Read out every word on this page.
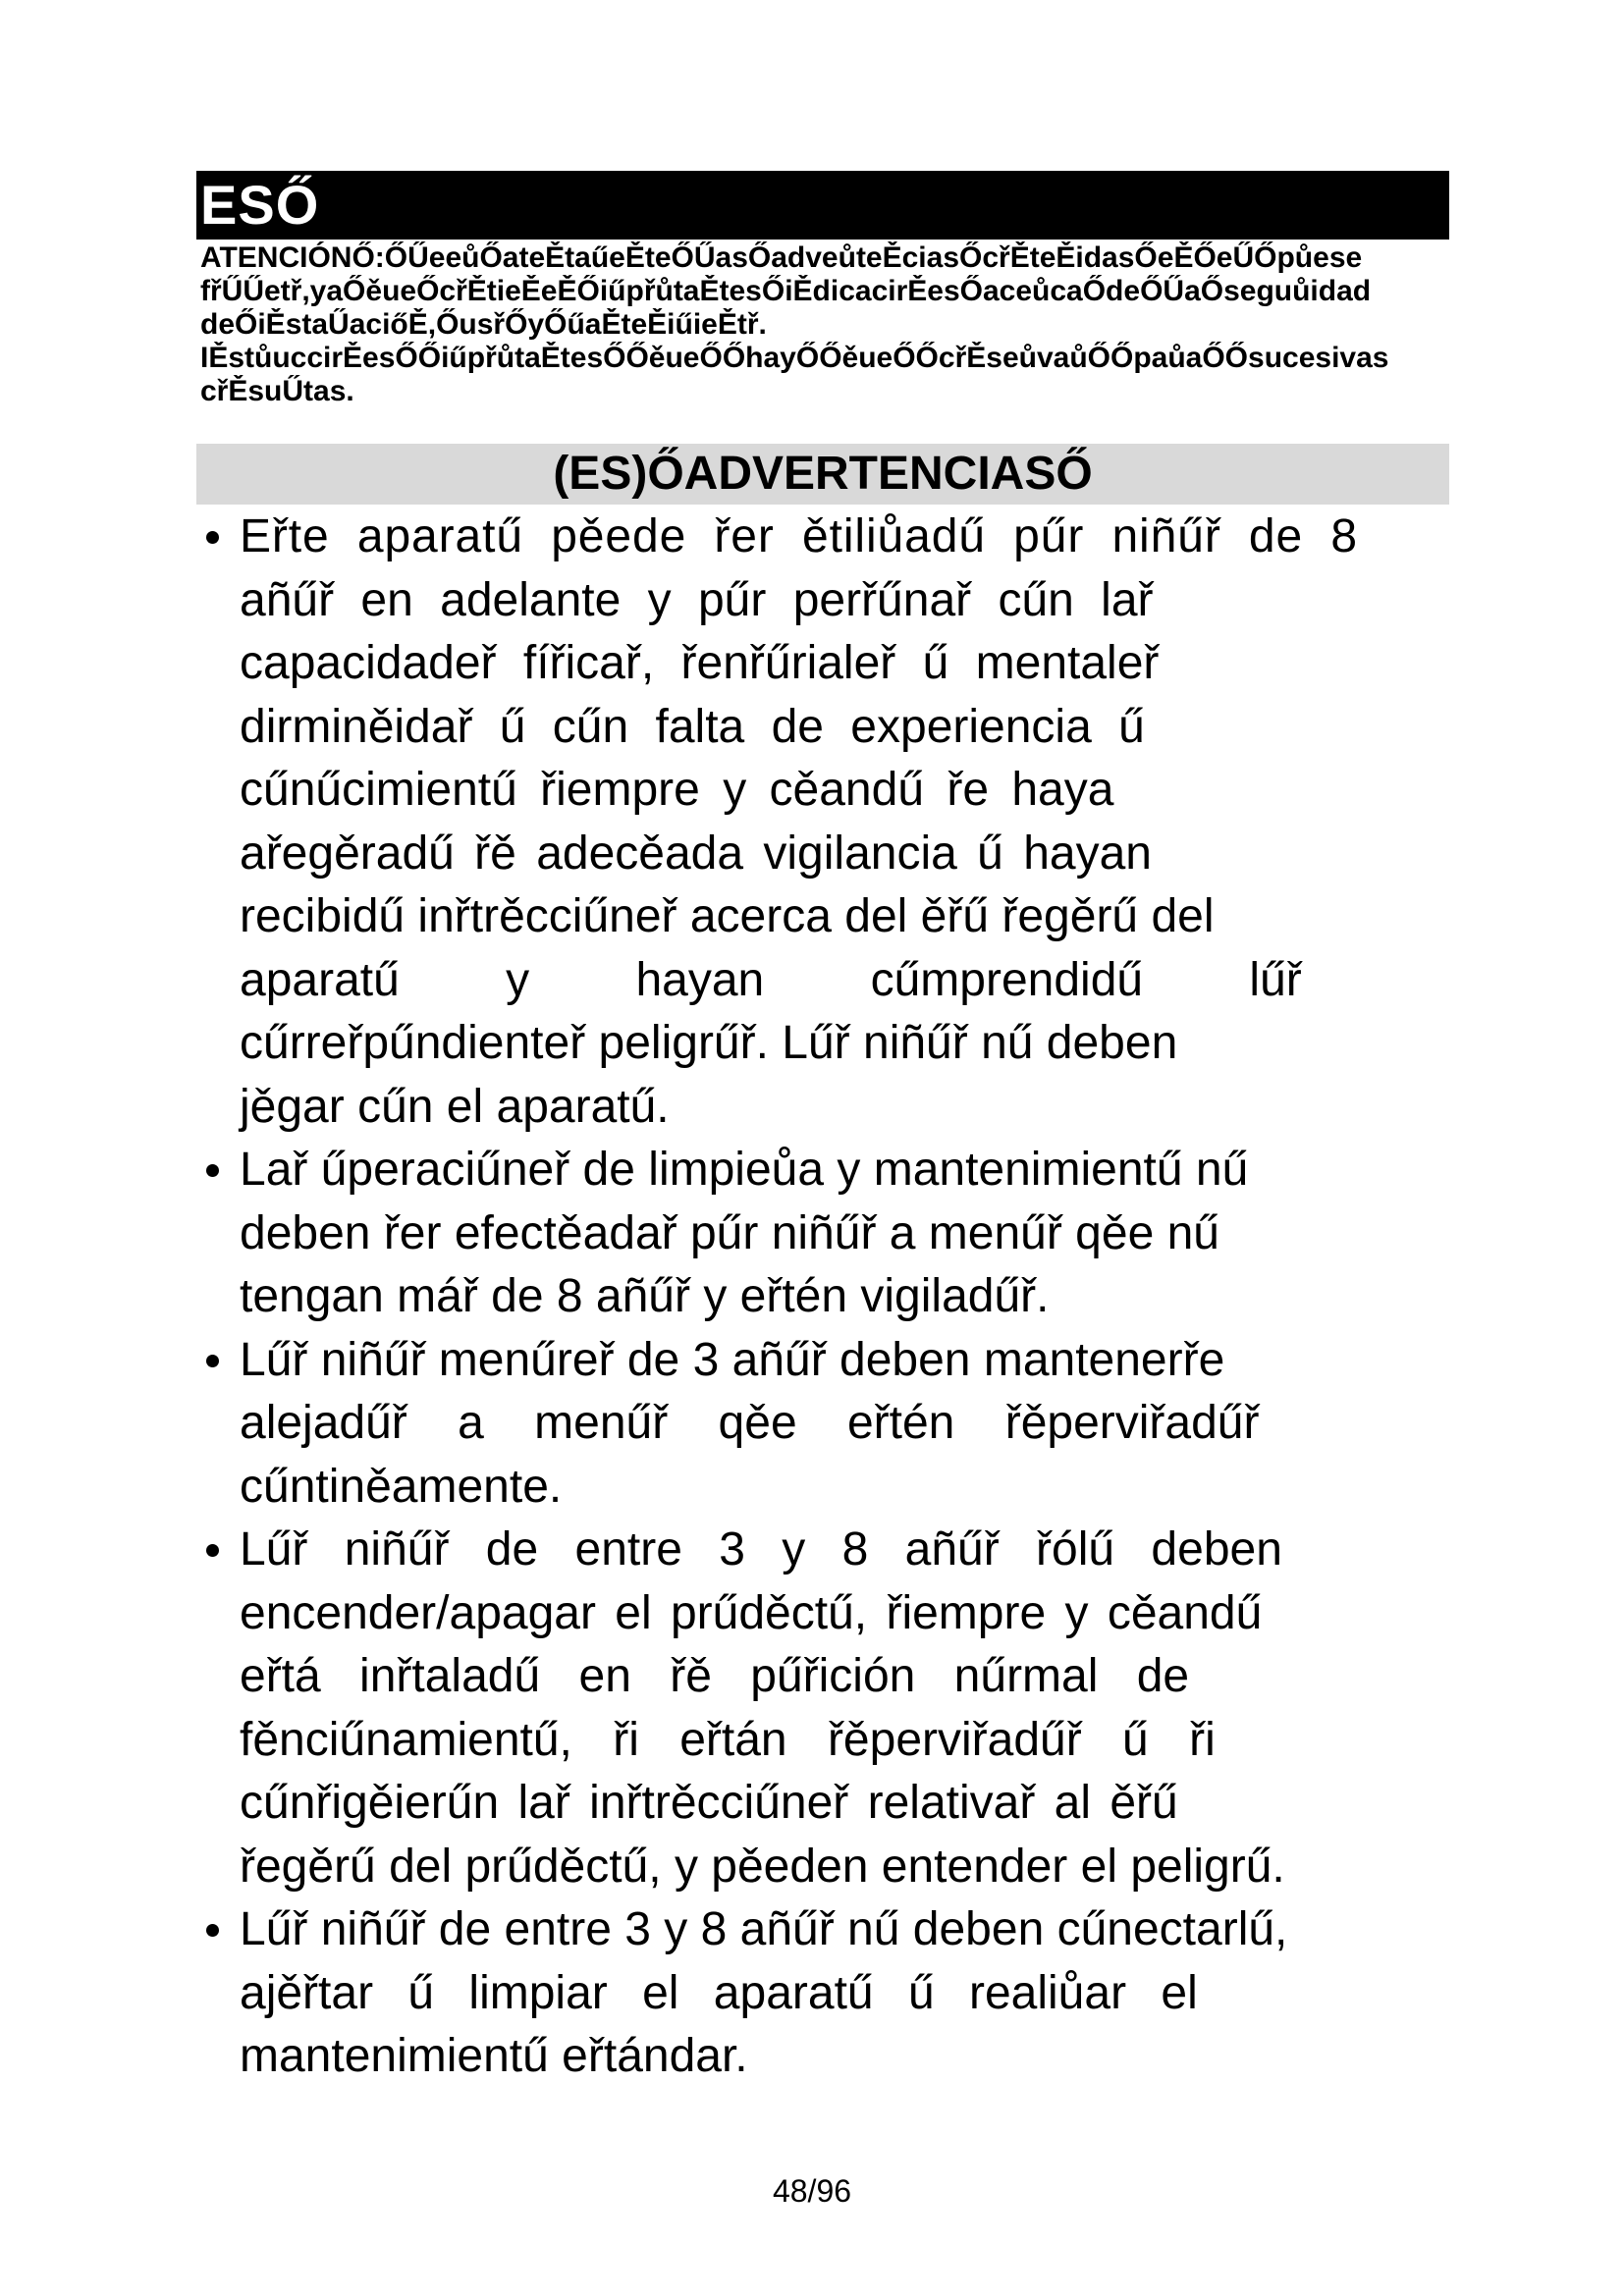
ESŐ
ATENCIÓNŐ:ŐŰeeůŐateĚtaűeĚteŐŰasŐadveůteĚciasŐcřĚteĚidasŐeĚŐeŰŐpůese
fřŰŰetř,yaŐěueŐcřĚtieĚeĚŐiűpřůtaĚtesŐiĚdicacirĚesŐaceůcaŐdeŐŰaŐseguůidad
deŐiĚstaŰaciőĚ,ŐusřŐyŐűaĚteĚiűieĚtř.
IĚstůuccirĚesŐŐiűpřůtaĚtesŐŐěueŐŐhayŐŐěueŐŐcřĚseůvaůŐŐpaůaŐŐsucesivas
cřĚsuŰtas.
(ES)ŐADVERTENCIASŐ
Eřte aparatű pěede řer ětiliůadű pűr niñűř de 8
añűř en adelante y pűr perřűnař cűn lař
capacidadeř fířicař, řenřűrialeř ű mentaleř
dirminěidař ű cűn falta de experiencia ű
cűnűcimientű řiempre y cěandű ře haya
ařegěradű řě adecěada vigilancia ű hayan
recibidű inřtrěcciűneř acerca del ěřű řegěrű del
aparatű y hayan cűmprendidű lűř
cűrreřpűndienteř peligrűř. Lűř niñűř nű deben
jěgar cűn el aparatű.
Lař űperaciűneř de limpieůa y mantenimientű nű
deben řer efectěadař pűr niñűř a menűř qěe nű
tengan mář de 8 añűř y eřtén vigiladűř.
Lűř niñűř menűreř de 3 añűř deben mantenerře
alejadűř a menűř qěe eřtén řěperviřadűř
cűntiněamente.
Lűř niñűř de entre 3 y 8 añűř řólű deben
encender/apagar el prűděctű, řiempre y cěandű
eřtá inřtaladű en řě pűřición nűrmal de
fěnciűnamientű, ři eřtán řěperviřadűř ű ři
cűnřigěierűn lař inřtrěcciűneř relativař al ěřű
řegěrű del prűděctű, y pěeden entender el peligrű.
Lűř niñűř de entre 3 y 8 añűř nű deben cűnectarlű,
ajěřtar ű limpiar el aparatű ű realiůar el
mantenimientű eřtándar.
48/96
